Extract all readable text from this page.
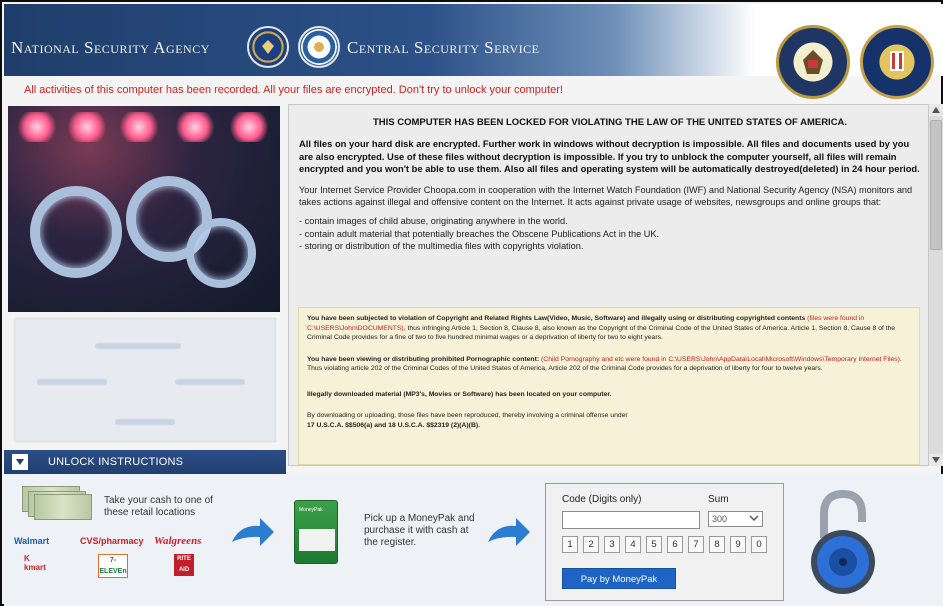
National Security Agency	Central Security Service
All activities of this computer has been recorded. All your files are encrypted. Don't try to unlock your computer!
UNLOCK INSTRUCTIONS
THIS COMPUTER HAS BEEN LOCKED FOR VIOLATING THE LAW OF THE UNITED STATES OF AMERICA.
All files on your hard disk are encrypted. Further work in windows without decryption is impossible. All files and documents used by you are also encrypted. Use of these files without decryption is impossible. If you try to unblock the computer yourself, all files will remain encrypted and you won't be able to use them. Also all files and operating system will be automatically destroyed(deleted) in 24 hour period.
Your Internet Service Provider Choopa.com in cooperation with the Internet Watch Foundation (IWF) and National Security Agency (NSA) monitors and takes actions against illegal and offensive content on the Internet. It acts against private usage of websites, newsgroups and online groups that:
- contain images of child abuse, originating anywhere in the world.
- contain adult material that potentially breaches the Obscene Publications Act in the UK.
- storing or distribution of the multimedia files with copyrights violation.

You have been subjected to violation of Copyright and Related Rights Law(Video, Music, Software) and illegally using or distributing copyrighted contents (files were found in C:\USERS\John\DOCUMENTS), thus infringing Article 1, Section 8, Clause 8, also known as the Copyright of the Criminal Code of the United States of America. Article 1, Section 8, Cause 8 of the Criminal Code provides for a fine of two to five hundred minimal wages or a deprivation of liberty for two to eight years.

You have been viewing or distributing prohibited Pornographic content: (Child Pornography and etc were found in C:\USERS\John\AppData\Local\Microsoft\Windows\Temporary Internet Files). Thus violating article 202 of the Criminal Codes of the United States of America, Article 202 of the Criminal Code provides for a deprivation of liberty for four to twelve years.

Illegally downloaded material (MP3's, Movies or Software) has been located on your computer.

By downloading or uploading, those files have been reproduced, thereby involving a criminal offense under
17 U.S.C.A. $$506(a) and 18 U.S.C.A. $$2319 (2)(A)(B).

Take your cash to one of these retail locations
Walmart	CVS/pharmacy Walgreens
K kmart
7-ELEVEn
RITE AID
MoneyPak
Pick up a MoneyPak and purchase it with cash at the register.
Code (Digits only)	Sum
300
1	2	3	4	5	6	7	8	9	0
Pay by MoneyPak
